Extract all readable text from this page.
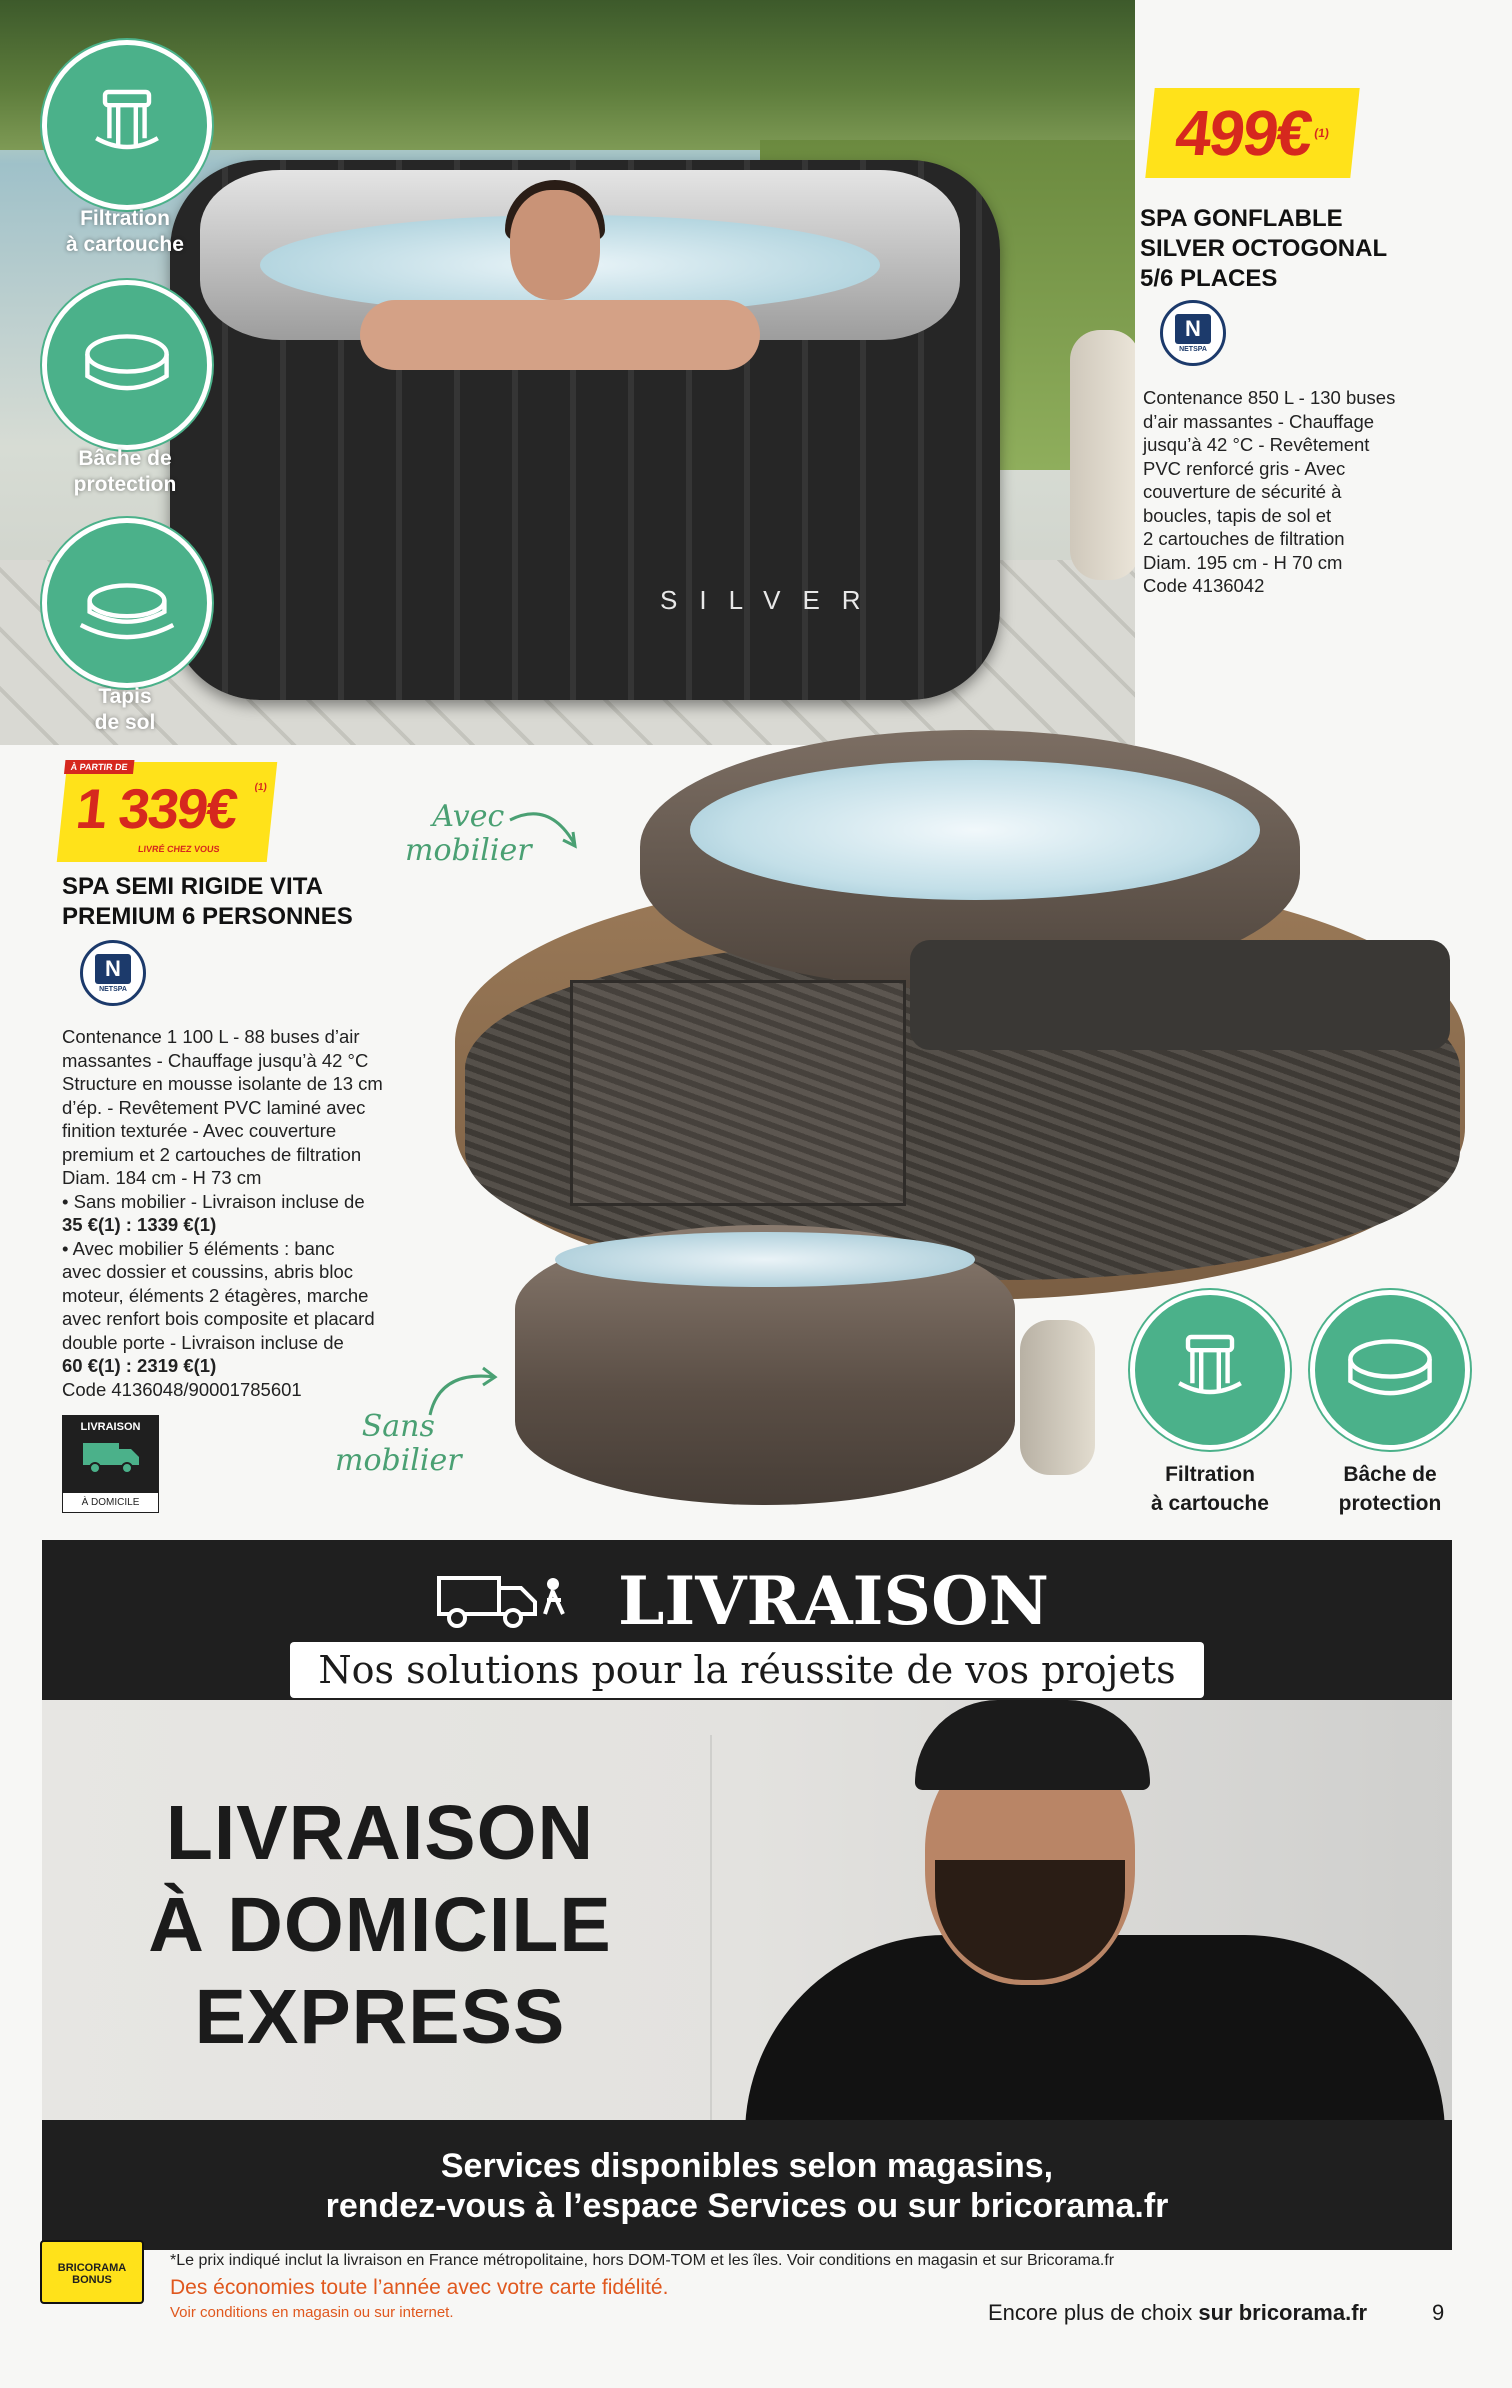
SILVER
Filtration
à cartouche
Bâche de
protection
Tapis
de sol
499€ (1)
SPA GONFLABLE
SILVER OCTOGONAL
5/6 PLACES
N
NETSPA
Contenance 850 L - 130 buses
d’air massantes - Chauffage
jusqu’à 42 °C - Revêtement
PVC renforcé gris - Avec
couverture de sécurité à
boucles, tapis de sol et
2 cartouches de filtration
Diam. 195 cm - H 70 cm
Code 4136042
À PARTIR DE
1 339€ (1)
LIVRÉ CHEZ VOUS
Avec
mobilier
SPA SEMI RIGIDE VITA
PREMIUM 6 PERSONNES
N
NETSPA
Contenance 1 100 L - 88 buses d’air
massantes - Chauffage jusqu’à 42 °C
Structure en mousse isolante de 13 cm
d’ép. - Revêtement PVC laminé avec
finition texturée - Avec couverture
premium et 2 cartouches de filtration
Diam. 184 cm - H 73 cm
• Sans mobilier - Livraison incluse de
35 €(1) : 1339 €(1)
• Avec mobilier 5 éléments : banc
avec dossier et coussins, abris bloc
moteur, éléments 2 étagères, marche
avec renfort bois composite et placard
double porte - Livraison incluse de
60 €(1) : 2319 €(1)
Code 4136048/90001785601
LIVRAISON
À DOMICILE
Sans
mobilier	Filtration
à cartouche
Bâche de
protection
LIVRAISON
Nos solutions pour la réussite de vos projets
LIVRAISON
À DOMICILE
EXPRESS
Services disponibles selon magasins,
rendez-vous à l’espace Services ou sur bricorama.fr
BRICORAMA BONUS
*Le prix indiqué inclut la livraison en France métropolitaine, hors DOM-TOM et les îles. Voir conditions en magasin et sur Bricorama.fr
Des économies toute l’année avec votre carte fidélité.
Voir conditions en magasin ou sur internet.	Encore plus de choix sur bricorama.fr	9
